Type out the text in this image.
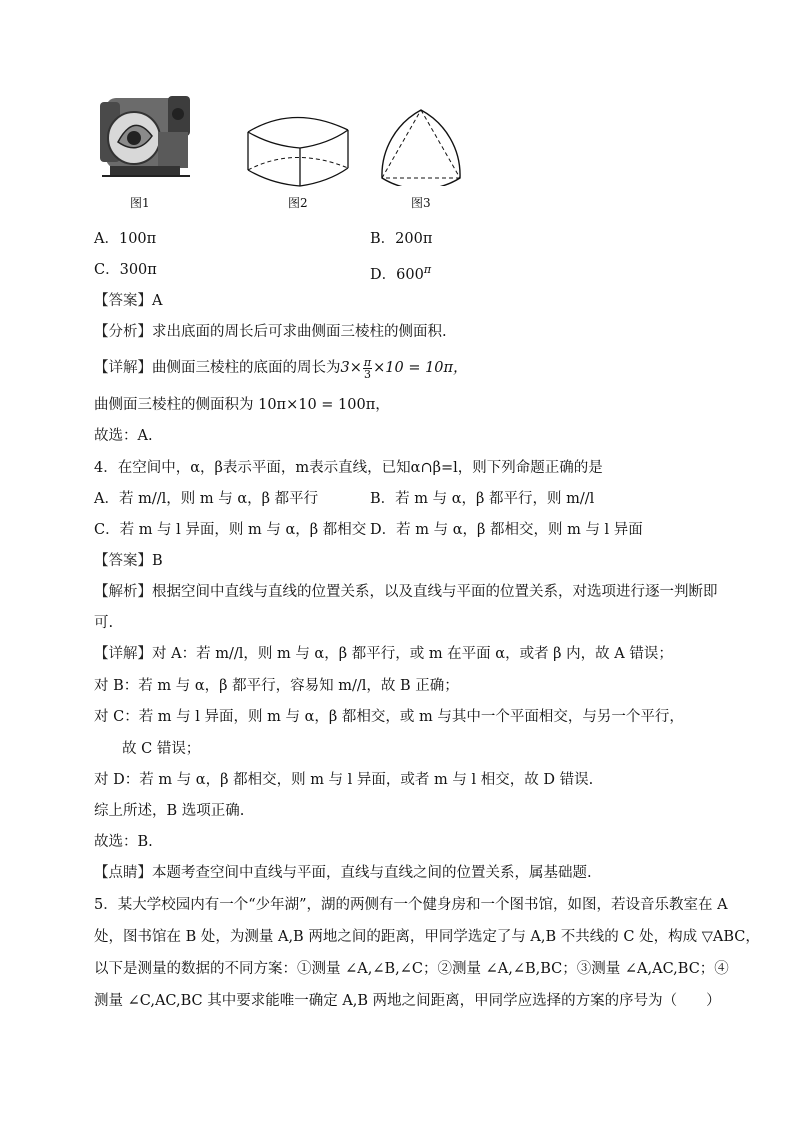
图1	图2	图3
A．100π	B．200π
C．300π	D．$600^\pi$
【答案】A
【分析】求出底面的周长后可求曲侧面三棱柱的侧面积.
【详解】曲侧面三棱柱的底面的周长为$3\times \frac{\pi}{3} \times 10 = 10\pi$，
曲侧面三棱柱的侧面积为 10π×10 = 100π，
故选：A.
4．在空间中，α，β表示平面，m表示直线，已知α∩β=l，则下列命题正确的是
A．若 m//l，则 m 与 α，β 都平行	B．若 m 与 α，β 都平行，则 m//l
C．若 m 与 l 异面，则 m 与 α，β 都相交 D．若 m 与 α，β 都相交，则 m 与 l 异面
【答案】B
【解析】根据空间中直线与直线的位置关系，以及直线与平面的位置关系，对选项进行逐一判断即
可.
【详解】对 A：若 m//l，则 m 与 α，β 都平行，或 m 在平面 α，或者 β 内，故 A 错误；
对 B：若 m 与 α，β 都平行，容易知 m//l，故 B 正确；
对 C：若 m 与 l 异面，则 m 与 α，β 都相交，或 m 与其中一个平面相交，与另一个平行，
故 C 错误；
对 D：若 m 与 α，β 都相交，则 m 与 l 异面，或者 m 与 l 相交，故 D 错误.
综上所述，B 选项正确.
故选：B.
【点睛】本题考查空间中直线与平面，直线与直线之间的位置关系，属基础题.
5．某大学校园内有一个“少年湖”，湖的两侧有一个健身房和一个图书馆，如图，若设音乐教室在 A
处，图书馆在 B 处，为测量 A,B 两地之间的距离，甲同学选定了与 A,B 不共线的 C 处，构成 ▽ABC，
以下是测量的数据的不同方案：①测量 ∠A,∠B,∠C；②测量 ∠A,∠B,BC；③测量 ∠A,AC,BC；④
测量 ∠C,AC,BC 其中要求能唯一确定 A,B 两地之间距离，甲同学应选择的方案的序号为（　　）
